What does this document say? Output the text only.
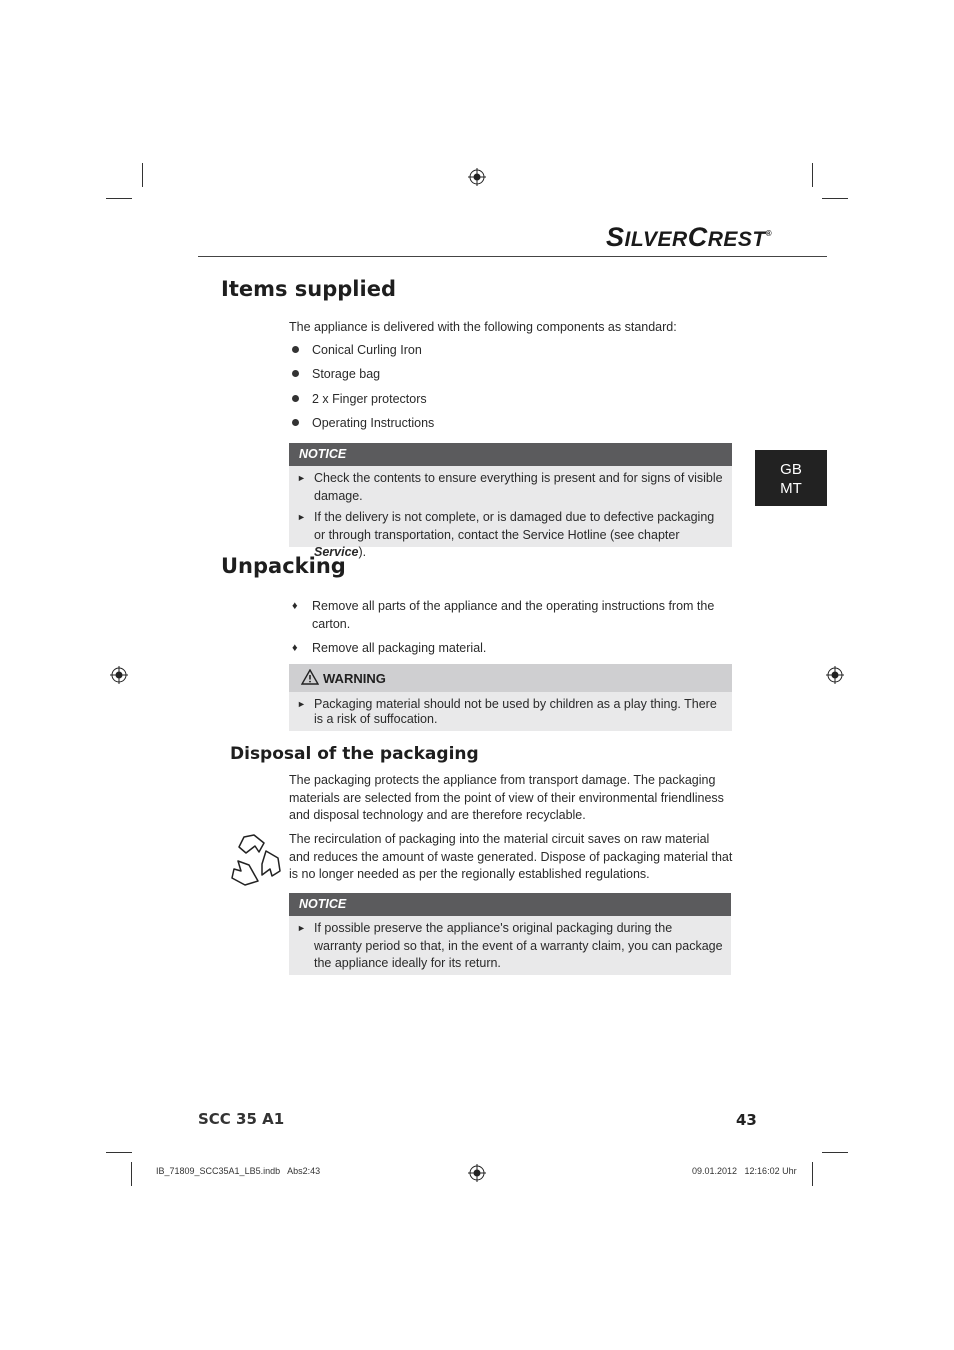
SILVERCREST®
GB
MT
Items supplied
The appliance is delivered with the following components as standard:
Conical Curling Iron
Storage bag
2 x Finger protectors
Operating Instructions
NOTICE
► Check the contents to ensure everything is present and for signs of visible damage.
► If the delivery is not complete, or is damaged due to defective packaging or through transportation, contact the Service Hotline (see chapter Service).
Unpacking
♦ Remove all parts of the appliance and the operating instructions from the carton.
♦ Remove all packaging material.
WARNING
► Packaging material should not be used by children as a play thing. There is a risk of suffocation.
Disposal of the packaging
The packaging protects the appliance from transport damage. The packaging materials are selected from the point of view of their environmental friendliness and disposal technology and are therefore recyclable.
The recirculation of packaging into the material circuit saves on raw material and reduces the amount of waste generated. Dispose of packaging material that is no longer needed as per the regionally established regulations.
NOTICE
► If possible preserve the appliance's original packaging during the warranty period so that, in the event of a warranty claim, you can package the appliance ideally for its return.
SCC 35 A1	43
IB_71809_SCC35A1_LB5.indb   Abs2:43	09.01.2012   12:16:02 Uhr
